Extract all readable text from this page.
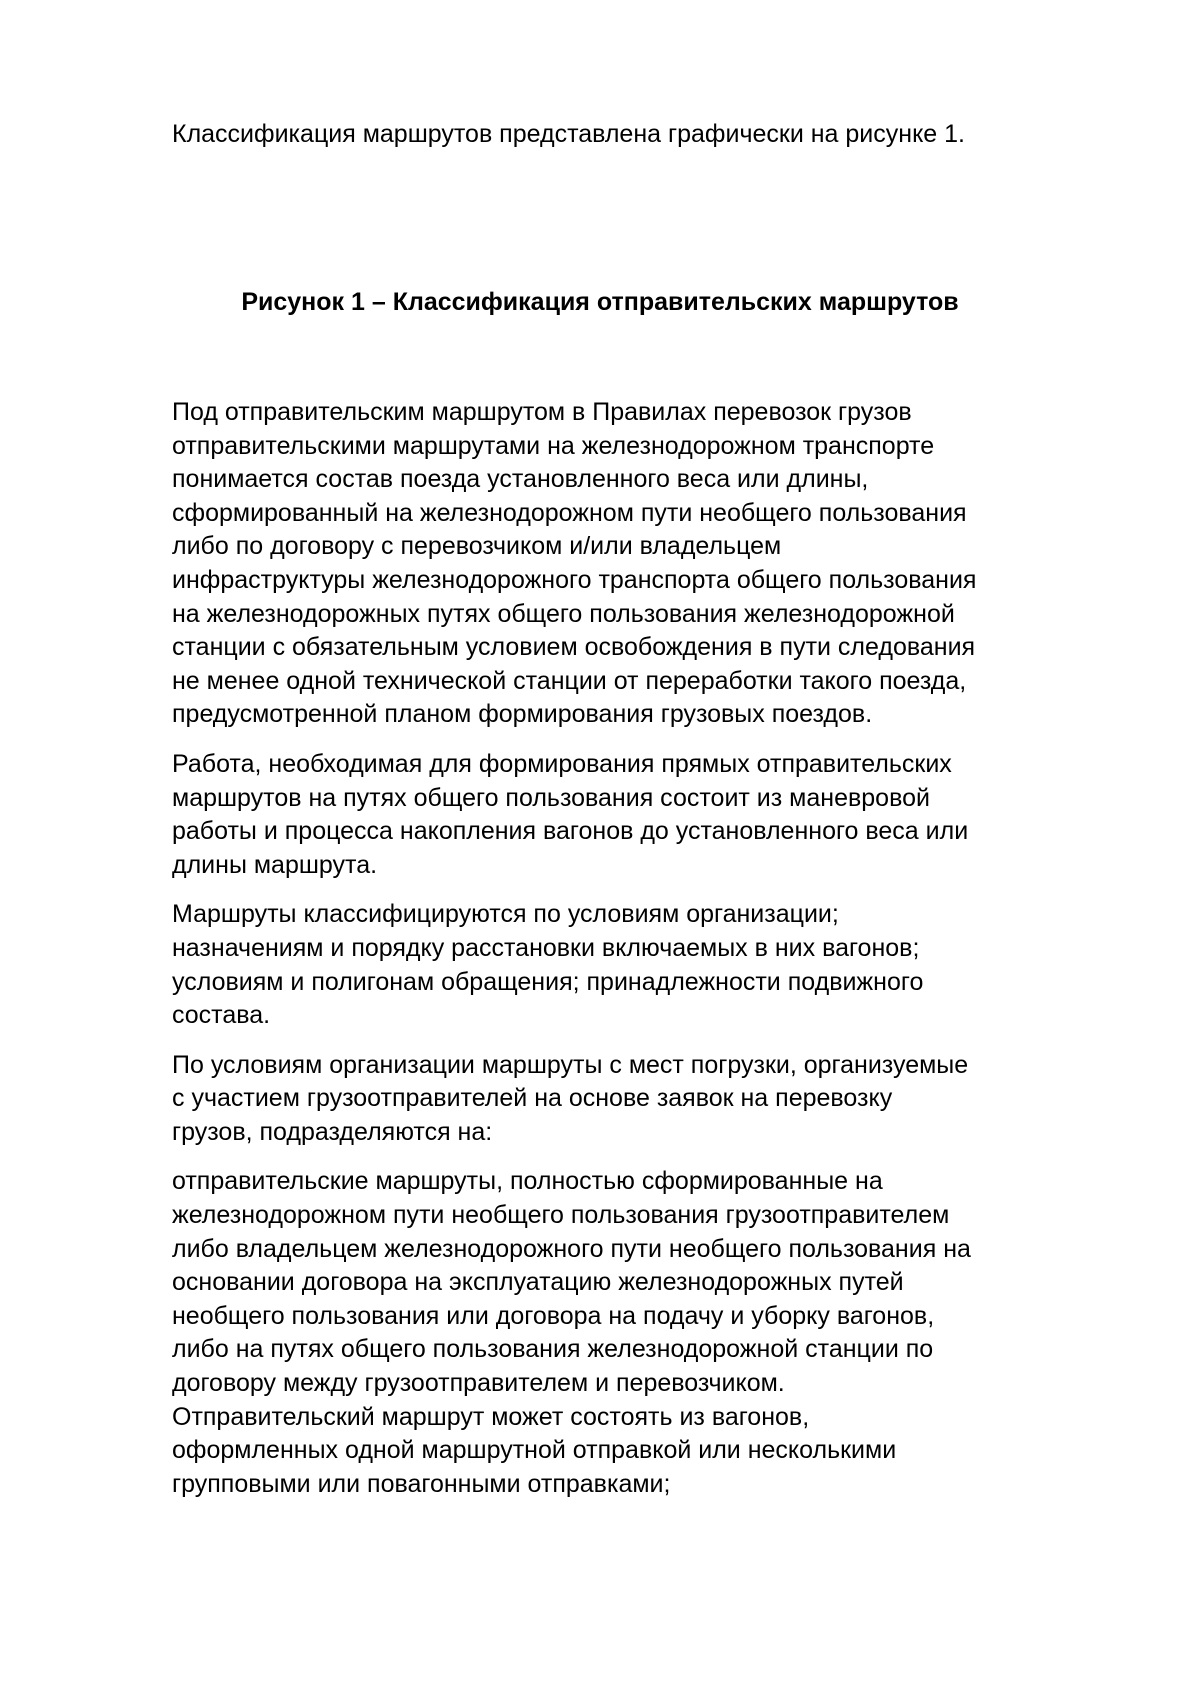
Классификация маршрутов представлена графически на рисунке 1.

Рисунок 1 – Классификация отправительских маршрутов

Под отправительским маршрутом в Правилах перевозок грузов
отправительскими маршрутами на железнодорожном транспорте
понимается состав поезда установленного веса или длины,
сформированный на железнодорожном пути необщего пользования
либо по договору с перевозчиком и/или владельцем
инфраструктуры железнодорожного транспорта общего пользования
на железнодорожных путях общего пользования железнодорожной
станции с обязательным условием освобождения в пути следования
не менее одной технической станции от переработки такого поезда,
предусмотренной планом формирования грузовых поездов.

Работа, необходимая для формирования прямых отправительских
маршрутов на путях общего пользования состоит из маневровой
работы и процесса накопления вагонов до установленного веса или
длины маршрута.

Маршруты классифицируются по условиям организации;
назначениям и порядку расстановки включаемых в них вагонов;
условиям и полигонам обращения; принадлежности подвижного
состава.

По условиям организации маршруты с мест погрузки, организуемые
с участием грузоотправителей на основе заявок на перевозку
грузов, подразделяются на:

отправительские маршруты, полностью сформированные на
железнодорожном пути необщего пользования грузоотправителем
либо владельцем железнодорожного пути необщего пользования на
основании договора на эксплуатацию железнодорожных путей
необщего пользования или договора на подачу и уборку вагонов,
либо на путях общего пользования железнодорожной станции по
договору между грузоотправителем и перевозчиком.
Отправительский маршрут может состоять из вагонов,
оформленных одной маршрутной отправкой или несколькими
групповыми или повагонными отправками;
